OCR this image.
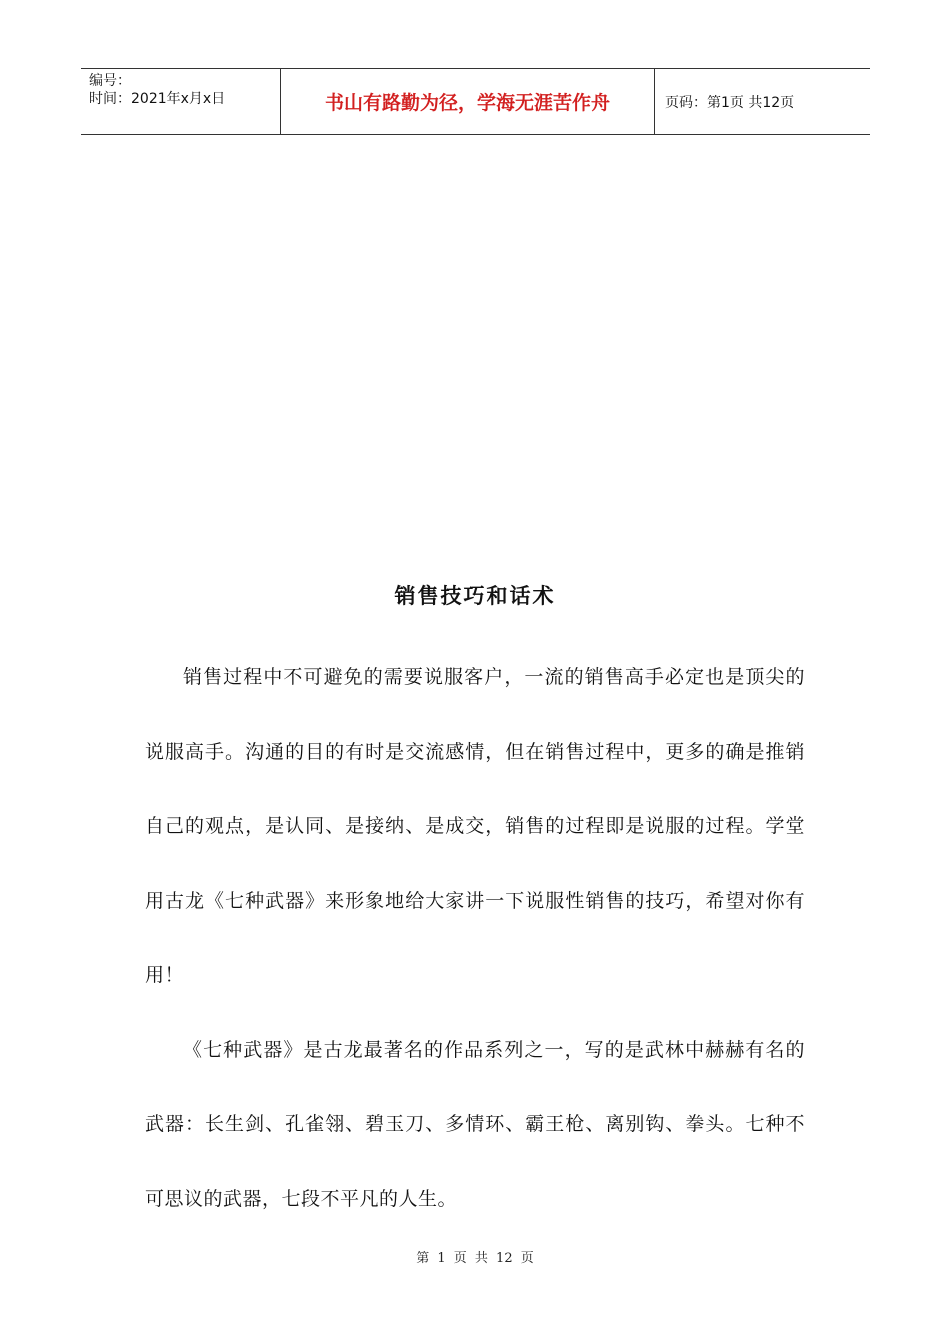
编号：
时间：2021年x月x日	书山有路勤为径，学海无涯苦作舟	页码：第1页 共12页
销售技巧和话术

销售过程中不可避免的需要说服客户，一流的销售高手必定也是顶尖的说服高手。沟通的目的有时是交流感情，但在销售过程中，更多的确是推销自己的观点，是认同、是接纳、是成交，销售的过程即是说服的过程。学堂用古龙《七种武器》来形象地给大家讲一下说服性销售的技巧，希望对你有用！

《七种武器》是古龙最著名的作品系列之一，写的是武林中赫赫有名的武器：长生剑、孔雀翎、碧玉刀、多情环、霸王枪、离别钩、拳头。七种不可思议的武器，七段不平凡的人生。

第 1 页 共 12 页
